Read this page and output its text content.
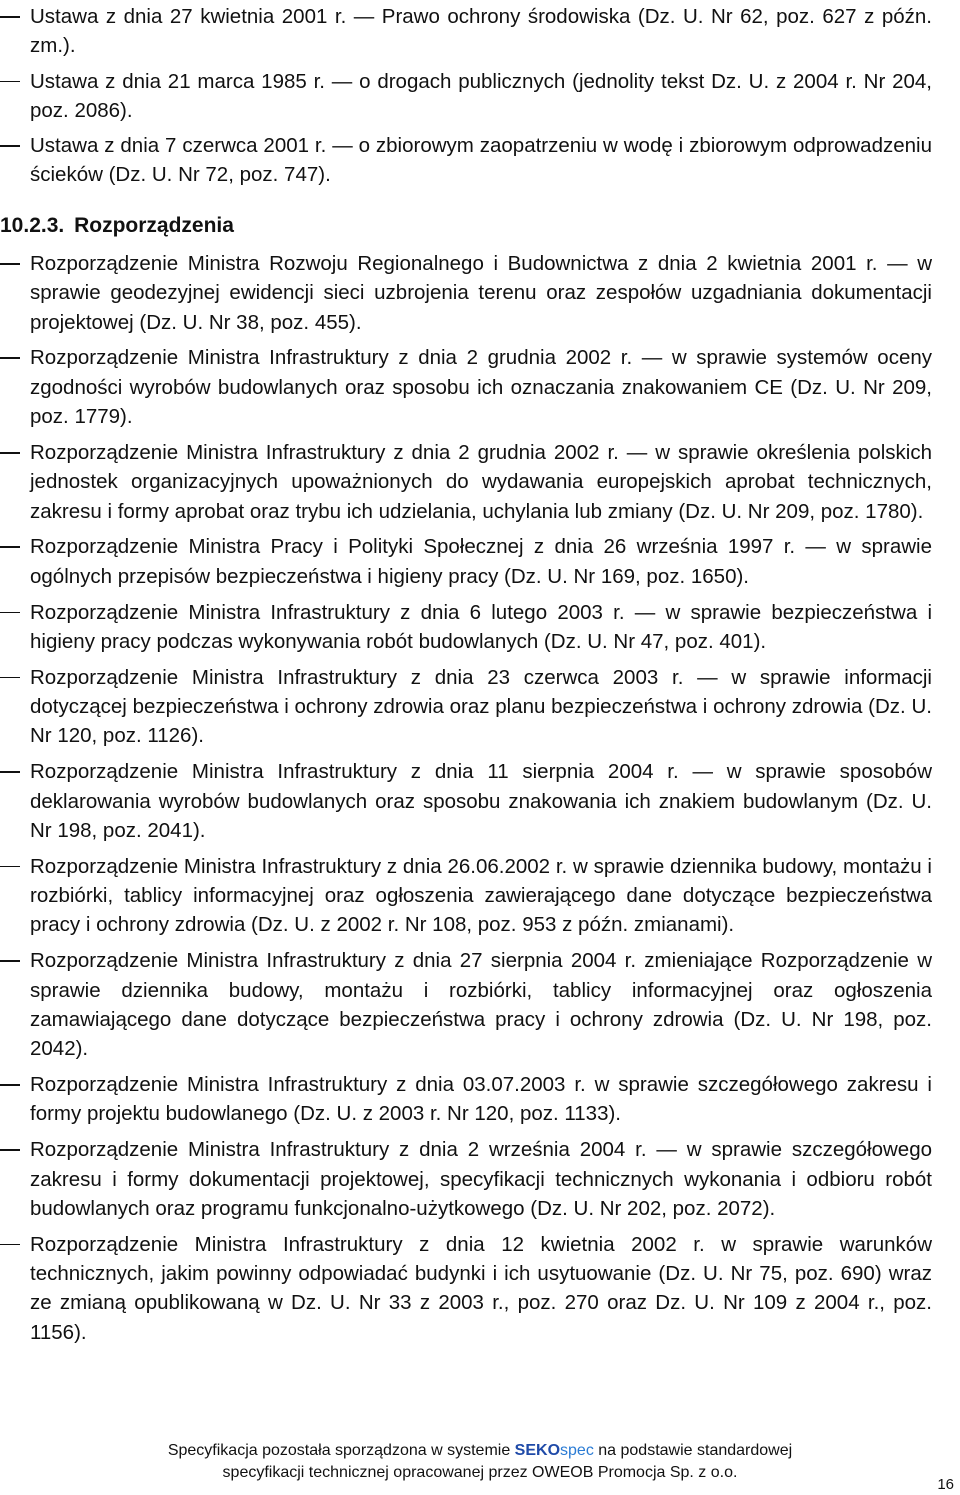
Ustawa z dnia 27 kwietnia 2001 r. — Prawo ochrony środowiska (Dz. U. Nr 62, poz. 627 z późn. zm.).
Ustawa z dnia 21 marca 1985 r. — o drogach publicznych (jednolity tekst Dz. U. z 2004 r. Nr 204, poz. 2086).
Ustawa z dnia 7 czerwca 2001 r. — o zbiorowym zaopatrzeniu w wodę i zbiorowym odprowadzeniu ścieków (Dz. U. Nr 72, poz. 747).
10.2.3. Rozporządzenia
Rozporządzenie Ministra Rozwoju Regionalnego i Budownictwa z dnia 2 kwietnia 2001 r. — w sprawie geodezyjnej ewidencji sieci uzbrojenia terenu oraz zespołów uzgadniania dokumentacji projektowej (Dz. U. Nr 38, poz. 455).
Rozporządzenie Ministra Infrastruktury z dnia 2 grudnia 2002 r. — w sprawie systemów oceny zgodności wyrobów budowlanych oraz sposobu ich oznaczania znakowaniem CE (Dz. U. Nr 209, poz. 1779).
Rozporządzenie Ministra Infrastruktury z dnia 2 grudnia 2002 r. — w sprawie określenia polskich jednostek organizacyjnych upoważnionych do wydawania europejskich aprobat technicznych, zakresu i formy aprobat oraz trybu ich udzielania, uchylania lub zmiany (Dz. U. Nr 209, poz. 1780).
Rozporządzenie Ministra Pracy i Polityki Społecznej z dnia 26 września 1997 r. — w sprawie ogólnych przepisów bezpieczeństwa i higieny pracy (Dz. U. Nr 169, poz. 1650).
Rozporządzenie Ministra Infrastruktury z dnia 6 lutego 2003 r. — w sprawie bezpieczeństwa i higieny pracy podczas wykonywania robót budowlanych (Dz. U. Nr 47, poz. 401).
Rozporządzenie Ministra Infrastruktury z dnia 23 czerwca 2003 r. — w sprawie informacji dotyczącej bezpieczeństwa i ochrony zdrowia oraz planu bezpieczeństwa i ochrony zdrowia (Dz. U. Nr 120, poz. 1126).
Rozporządzenie Ministra Infrastruktury z dnia 11 sierpnia 2004 r. — w sprawie sposobów deklarowania wyrobów budowlanych oraz sposobu znakowania ich znakiem budowlanym (Dz. U. Nr 198, poz. 2041).
Rozporządzenie Ministra Infrastruktury z dnia 26.06.2002 r. w sprawie dziennika budowy, montażu i rozbiórki, tablicy informacyjnej oraz ogłoszenia zawierającego dane dotyczące bezpieczeństwa pracy i ochrony zdrowia (Dz. U. z 2002 r. Nr 108, poz. 953 z późn. zmianami).
Rozporządzenie Ministra Infrastruktury z dnia 27 sierpnia 2004 r. zmieniające Rozporządzenie w sprawie dziennika budowy, montażu i rozbiórki, tablicy informacyjnej oraz ogłoszenia zamawiającego dane dotyczące bezpieczeństwa pracy i ochrony zdrowia (Dz. U. Nr 198, poz. 2042).
Rozporządzenie Ministra Infrastruktury z dnia 03.07.2003 r. w sprawie szczegółowego zakresu i formy projektu budowlanego (Dz. U. z 2003 r. Nr 120, poz. 1133).
Rozporządzenie Ministra Infrastruktury z dnia 2 września 2004 r. — w sprawie szczegółowego zakresu i formy dokumentacji projektowej, specyfikacji technicznych wykonania i odbioru robót budowlanych oraz programu funkcjonalno-użytkowego (Dz. U. Nr 202, poz. 2072).
Rozporządzenie Ministra Infrastruktury z dnia 12 kwietnia 2002 r. w sprawie warunków technicznych, jakim powinny odpowiadać budynki i ich usytuowanie (Dz. U. Nr 75, poz. 690) wraz ze zmianą opublikowaną w Dz. U. Nr 33 z 2003 r., poz. 270 oraz Dz. U. Nr 109 z 2004 r., poz. 1156).
Specyfikacja pozostała sporządzona w systemie SEKOspec na podstawie standardowej
specyfikacji technicznej opracowanej przez OWEOB Promocja Sp. z o.o.
16
